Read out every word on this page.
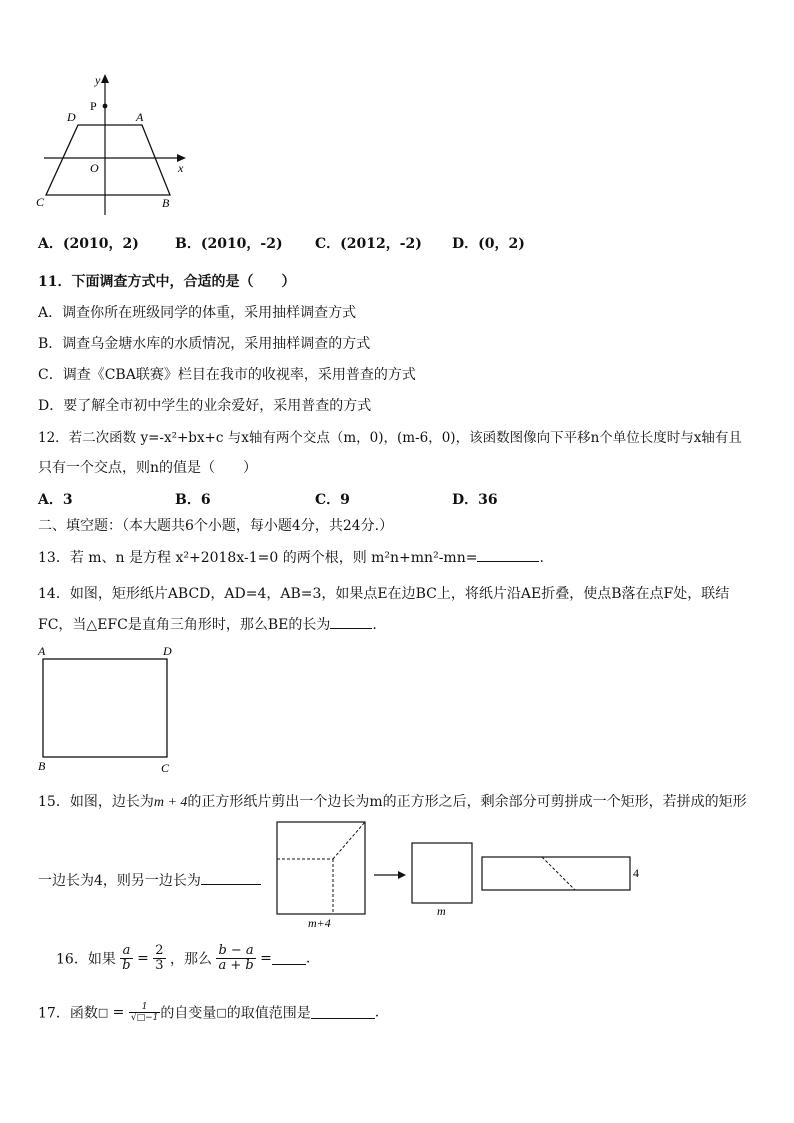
y
P
D	A
O	x
C	B
A．(2010，2)	B．(2010，-2) C．(2012，-2) D．(0，2)
11．下面调查方式中，合适的是（　　）
A．调查你所在班级同学的体重，采用抽样调查方式
B．调查乌金塘水库的水质情况，采用抽样调查的方式
C．调查《CBA联赛》栏目在我市的收视率，采用普查的方式
D．要了解全市初中学生的业余爱好，采用普查的方式
12．若二次函数 y=-x²+bx+c 与x轴有两个交点（m，0)，(m-6，0)，该函数图像向下平移n个单位长度时与x轴有且
只有一个交点，则n的值是（　　）
A．3	B．6	C．9	D．36
二、填空题：（本大题共6个小题，每小题4分，共24分.）
13．若 m、n 是方程 x²+2018x-1=0 的两个根，则 m²n+mn²-mn=	.
14．如图，矩形纸片ABCD，AD=4，AB=3，如果点E在边BC上，将纸片沿AE折叠，使点B落在点F处，联结
FC，当△EFC是直角三角形时，那么BE的长为	.
A	D
B	C
15．如图，边长为m + 4的正方形纸片剪出一个边长为m的正方形之后，剩余部分可剪拼成一个矩形，若拼成的矩形
一边长为4，则另一边长为
m+4
m
4
16．如果 $\frac{a}{b} = \frac{2}{3}$ ，那么 $\frac{b - a}{a + b}$ = .
17．函数□ = $\frac{1}{√□-1}$ 的自变量□的取值范围是	.
